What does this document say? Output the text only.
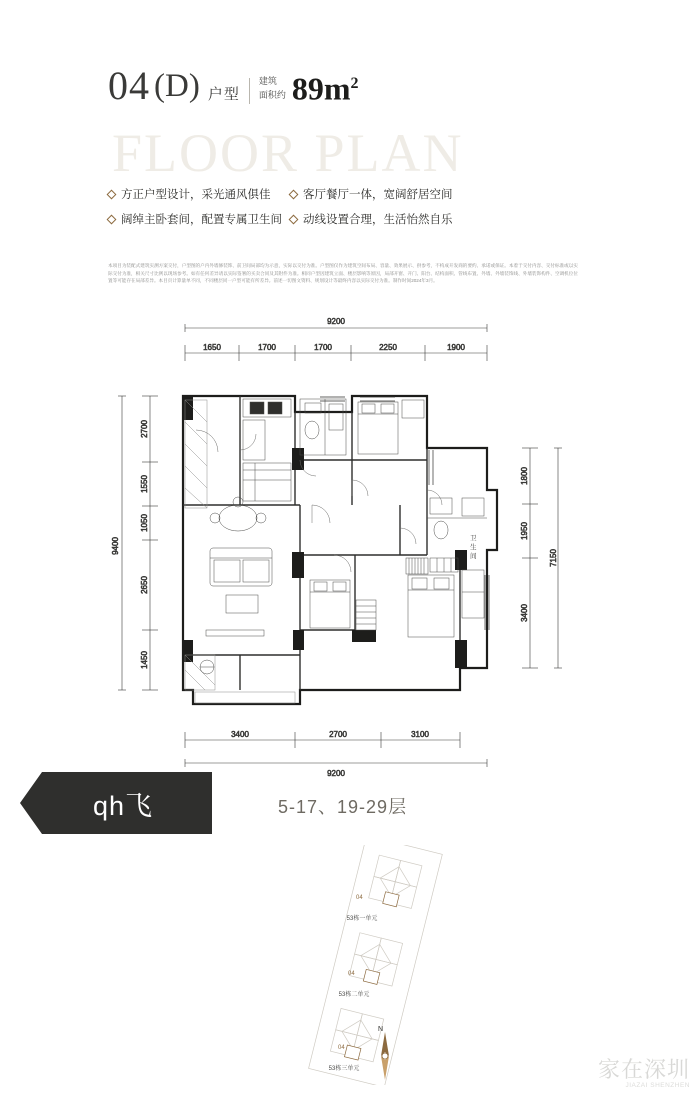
04 (D) 户型
建筑
面积约 $89m^2$
FLOOR PLAN
方正户型设计，采光通风俱佳	客厅餐厅一体，宽阔舒居空间
阔绰主卧套间，配置专属卫生间 动线设置合理，生活怡然自乐
本项目为装配式建筑实测方案交付，户型图的户内外墙修装饰、前卫间局部均为示意，实际以交付为准。户型图仅作为建筑空间布局、容量、效果展示、供参考，不构成开发商的要约、承诺或保证。本着于交付内容、交付标准或以实际交付为准，相关尺寸比例以现场参考。如有任何差异请以实际签署的买卖合同及其附件为准。相同户型因建筑立面、楼层影响等原因，局部开窗、开门、阳台、结构面积、管线布置、外墙、外墙装饰线、外墙装饰构件、空调机位位置等可能存在局部差异。本目页计算量单不同，不同楼层同一户型可能有所差异。前述一切图文资料、规划设计等最终内容以实际交付为准。制作时间2024年3月。
9200
1650	1700	1700	2250	1900
9400
2700
1550
1050
2650
1450
1800
1950
3400
7150
3400	2700	3100
9200
卫
生
间
qh飞	5-17、19-29层
04
53栋一单元
04
53栋二单元
04
53栋三单元
N
家在深圳
JIAZAI SHENZHEN
